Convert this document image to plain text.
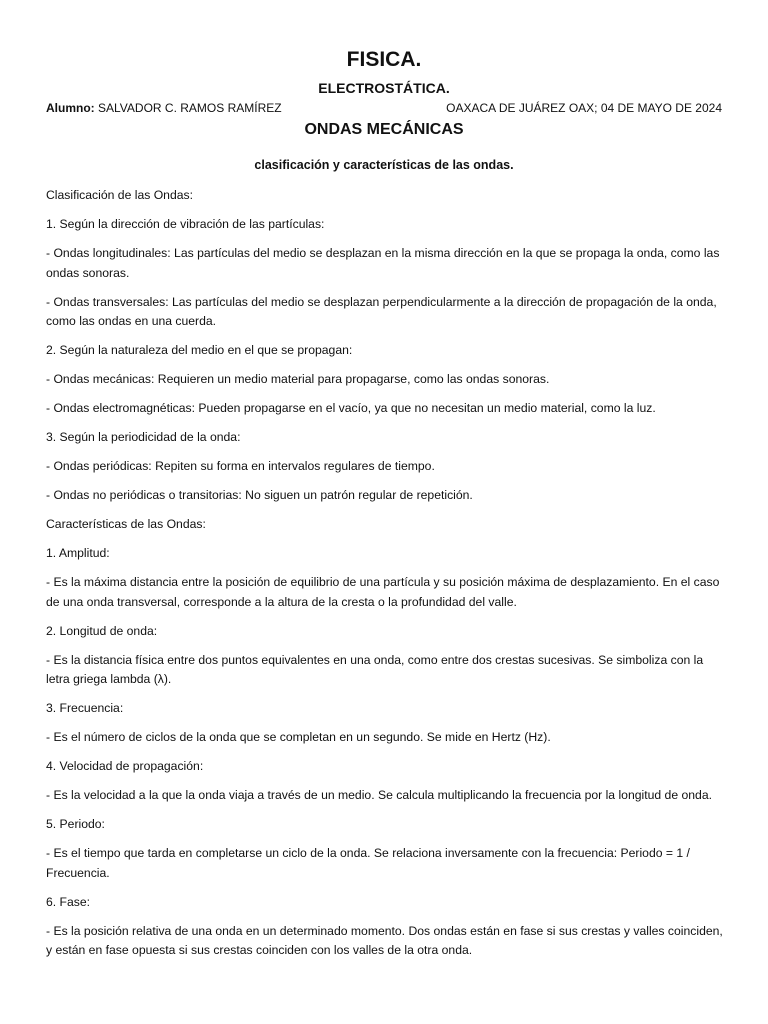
FISICA.
ELECTROSTÁTICA.
Alumno: SALVADOR C. RAMOS RAMÍREZ	OAXACA DE JUÁREZ OAX; 04 DE MAYO DE 2024
ONDAS MECÁNICAS
clasificación y características de las ondas.

Clasificación de las Ondas:

1. Según la dirección de vibración de las partículas:

- Ondas longitudinales: Las partículas del medio se desplazan en la misma dirección en la que se propaga la onda, como las ondas sonoras.

- Ondas transversales: Las partículas del medio se desplazan perpendicularmente a la dirección de propagación de la onda, como las ondas en una cuerda.

2. Según la naturaleza del medio en el que se propagan:

- Ondas mecánicas: Requieren un medio material para propagarse, como las ondas sonoras.

- Ondas electromagnéticas: Pueden propagarse en el vacío, ya que no necesitan un medio material, como la luz.

3. Según la periodicidad de la onda:

- Ondas periódicas: Repiten su forma en intervalos regulares de tiempo.

- Ondas no periódicas o transitorias: No siguen un patrón regular de repetición.

Características de las Ondas:

1. Amplitud:

- Es la máxima distancia entre la posición de equilibrio de una partícula y su posición máxima de desplazamiento. En el caso de una onda transversal, corresponde a la altura de la cresta o la profundidad del valle.

2. Longitud de onda:

- Es la distancia física entre dos puntos equivalentes en una onda, como entre dos crestas sucesivas. Se simboliza con la letra griega lambda (λ).

3. Frecuencia:

- Es el número de ciclos de la onda que se completan en un segundo. Se mide en Hertz (Hz).

4. Velocidad de propagación:

- Es la velocidad a la que la onda viaja a través de un medio. Se calcula multiplicando la frecuencia por la longitud de onda.

5. Periodo:

- Es el tiempo que tarda en completarse un ciclo de la onda. Se relaciona inversamente con la frecuencia: Periodo = 1 / Frecuencia.

6. Fase:

- Es la posición relativa de una onda en un determinado momento. Dos ondas están en fase si sus crestas y valles coinciden, y están en fase opuesta si sus crestas coinciden con los valles de la otra onda.
